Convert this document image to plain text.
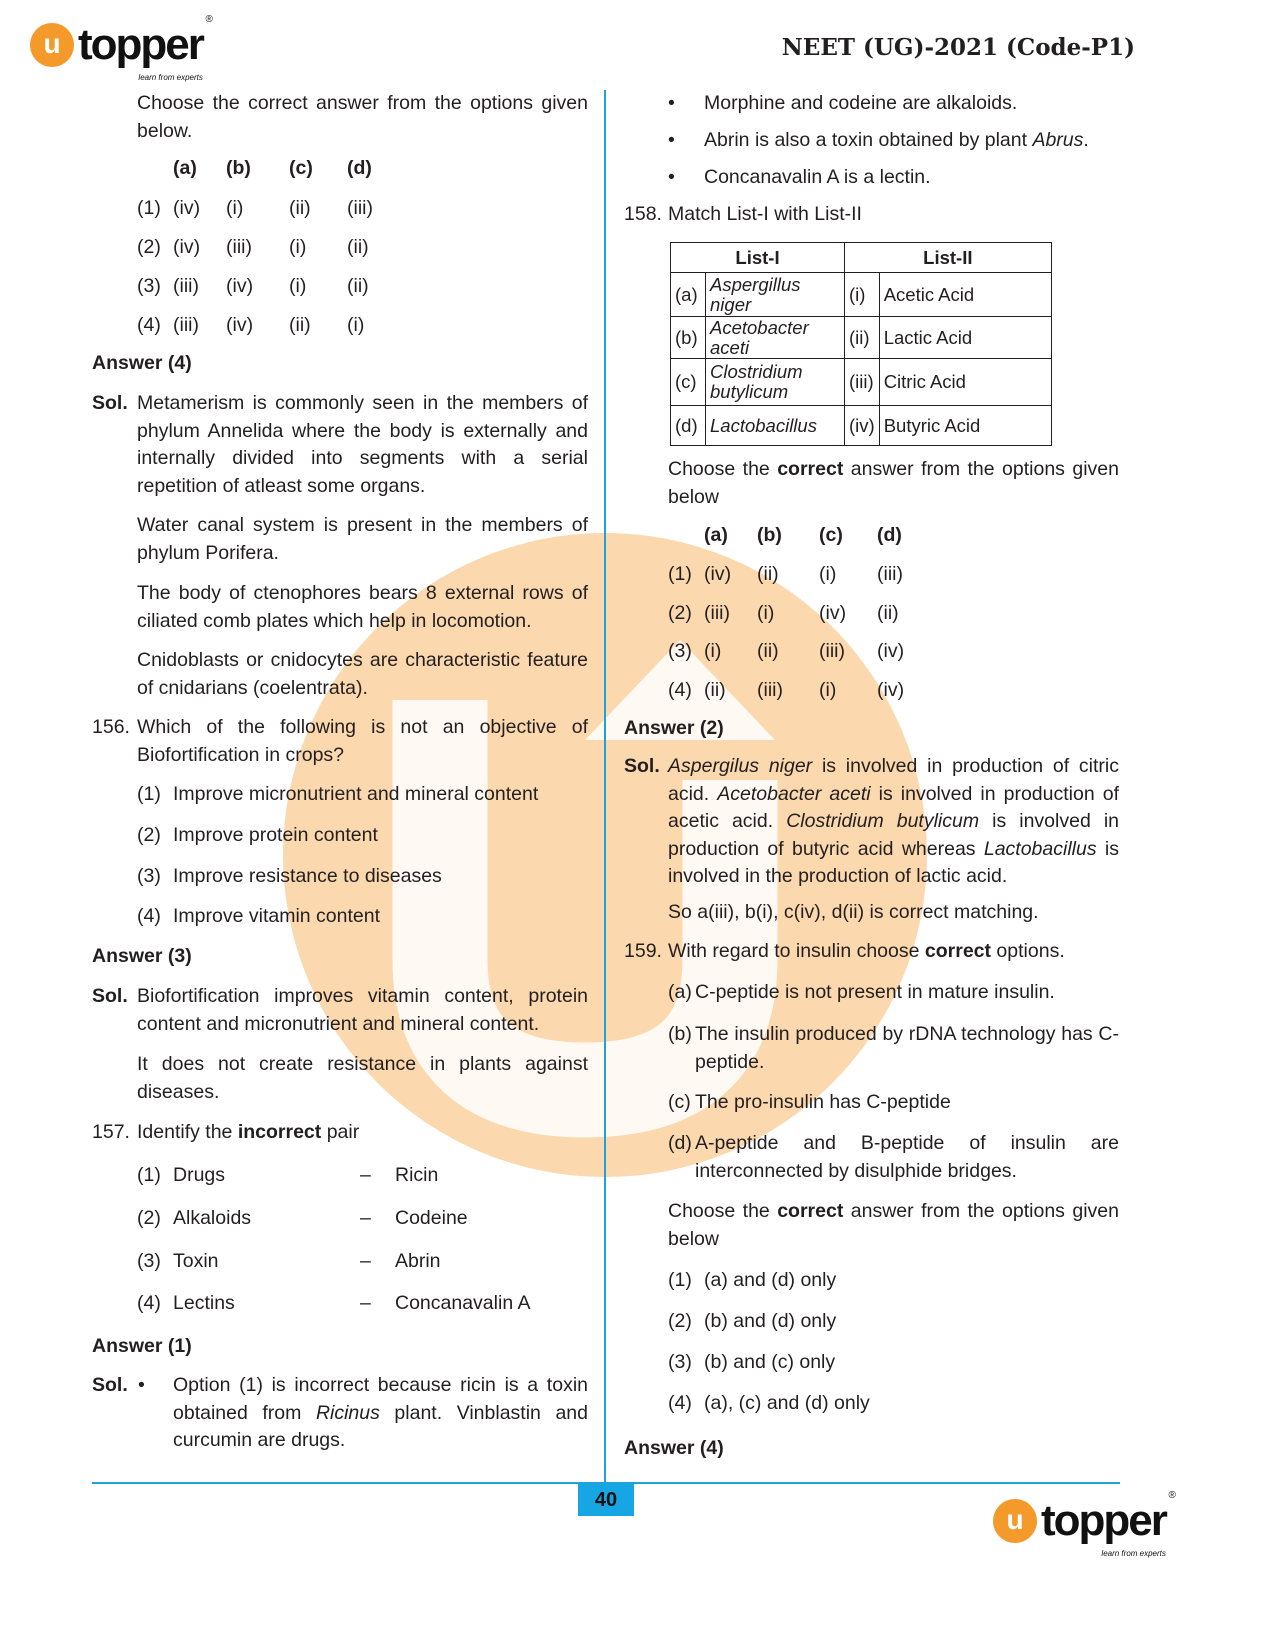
u topper
®
learn from experts
NEET (UG)-2021 (Code-P1)
40
u topper
®
learn from experts
Choose the correct answer from the options given below.
(a) (b) (c) (d)
(1) (iv) (i) (ii) (iii)
(2) (iv) (iii) (i) (ii)
(3) (iii) (iv) (i) (ii)
(4) (iii) (iv) (ii) (i)
Answer (4)
Sol. Metamerism is commonly seen in the members of phylum Annelida where the body is externally and internally divided into segments with a serial repetition of atleast some organs.
Water canal system is present in the members of phylum Porifera.
The body of ctenophores bears 8 external rows of ciliated comb plates which help in locomotion.
Cnidoblasts or cnidocytes are characteristic feature of cnidarians (coelentrata).
156. Which of the following is not an objective of Biofortification in crops?
(1) Improve micronutrient and mineral content
(2) Improve protein content
(3) Improve resistance to diseases
(4) Improve vitamin content
Answer (3)
Sol. Biofortification improves vitamin content, protein content and micronutrient and mineral content.
It does not create resistance in plants against diseases.
157. Identify the incorrect pair
(1) Drugs	– Ricin
(2) Alkaloids	– Codeine
(3) Toxin	– Abrin
(4) Lectins	– Concanavalin A
Answer (1)
Sol. • Option (1) is incorrect because ricin is a toxin obtained from Ricinus plant. Vinblastin and curcumin are drugs.
• Morphine and codeine are alkaloids.
• Abrin is also a toxin obtained by plant Abrus.
• Concanavalin A is a lectin.
158. Match List-I with List-II
List-I		List-II	
(a)	Aspergillus niger	(i)	Acetic Acid
(b)	Acetobacter aceti	(ii)	Lactic Acid
(c)	Clostridium butylicum	(iii)	Citric Acid
(d)	Lactobacillus	(iv)	Butyric Acid
Choose the correct answer from the options given below
(a) (b) (c) (d)
(1) (iv) (ii) (i) (iii)
(2) (iii) (i) (iv) (ii)
(3) (i) (ii) (iii) (iv)
(4) (ii) (iii) (i) (iv)
Answer (2)
Sol. Aspergilus niger is involved in production of citric acid. Acetobacter aceti is involved in production of acetic acid. Clostridium butylicum is involved in production of butyric acid whereas Lactobacillus is involved in the production of lactic acid.
So a(iii), b(i), c(iv), d(ii) is correct matching.
159. With regard to insulin choose correct options.
(a) C-peptide is not present in mature insulin.
(b) The insulin produced by rDNA technology has C-peptide.
(c) The pro-insulin has C-peptide
(d) A-peptide and B-peptide of insulin are interconnected by disulphide bridges.
Choose the correct answer from the options given below
(1) (a) and (d) only
(2) (b) and (d) only
(3) (b) and (c) only
(4) (a), (c) and (d) only
Answer (4)
